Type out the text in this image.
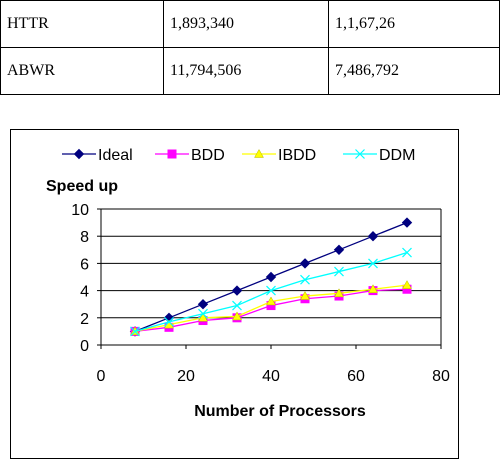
HTTR	1,893,340	1,1,67,26
ABWR	11,794,506	7,486,792
0
2
4
6
8
10
0	20	40	60	80
Ideal	BDD	IBDD	DDM
Speed up
Number of Processors
